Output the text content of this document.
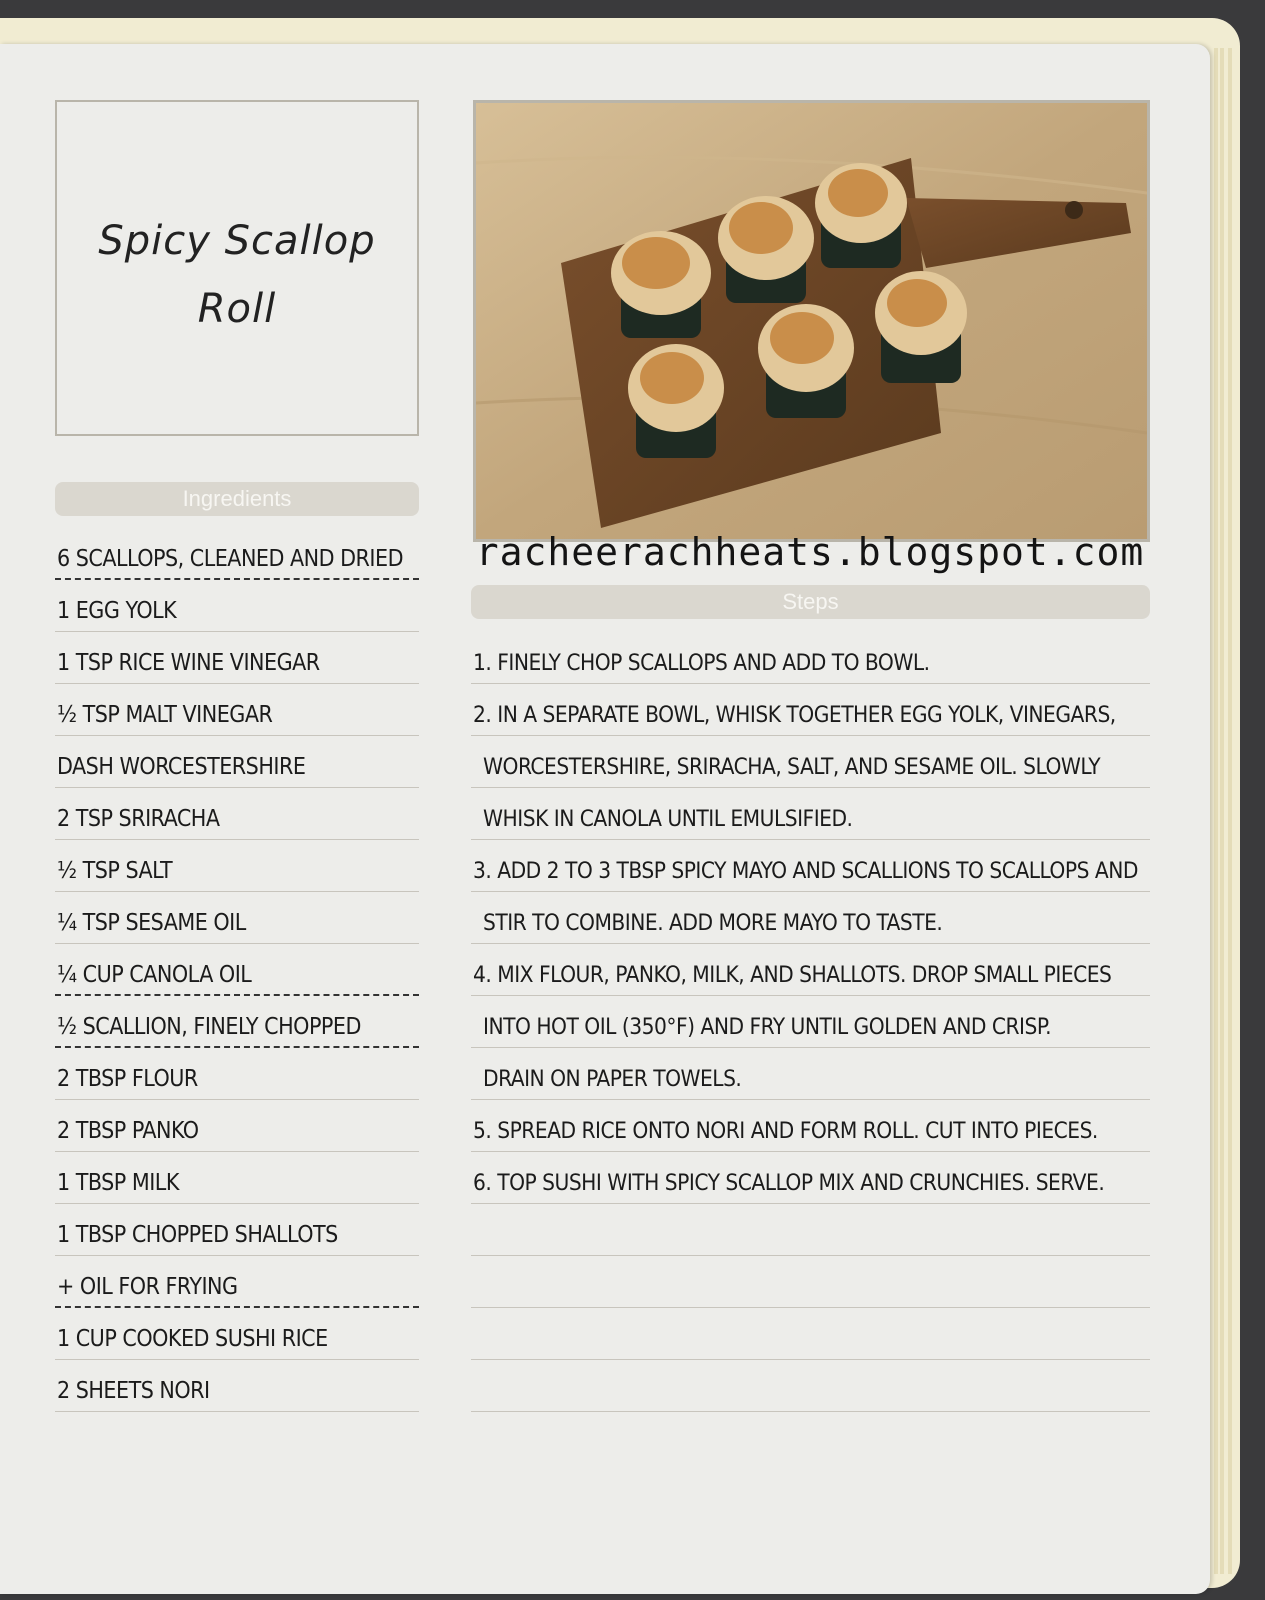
Spicy Scallop
Roll
racheerachheats.blogspot.com
Ingredients
Steps
6 SCALLOPS, CLEANED AND DRIED
1 EGG YOLK
1 TSP RICE WINE VINEGAR
½ TSP MALT VINEGAR
DASH WORCESTERSHIRE
2 TSP SRIRACHA
½ TSP SALT
¼ TSP SESAME OIL
¼ CUP CANOLA OIL
½ SCALLION, FINELY CHOPPED
2 TBSP FLOUR
2 TBSP PANKO
1 TBSP MILK
1 TBSP CHOPPED SHALLOTS
+ OIL FOR FRYING
1 CUP COOKED SUSHI RICE
2 SHEETS NORI
1. FINELY CHOP SCALLOPS AND ADD TO BOWL.
2. IN A SEPARATE BOWL, WHISK TOGETHER EGG YOLK, VINEGARS,
WORCESTERSHIRE, SRIRACHA, SALT, AND SESAME OIL. SLOWLY
WHISK IN CANOLA UNTIL EMULSIFIED.
3. ADD 2 TO 3 TBSP SPICY MAYO AND SCALLIONS TO SCALLOPS AND
STIR TO COMBINE. ADD MORE MAYO TO TASTE.
4. MIX FLOUR, PANKO, MILK, AND SHALLOTS. DROP SMALL PIECES
INTO HOT OIL (350°F) AND FRY UNTIL GOLDEN AND CRISP.
DRAIN ON PAPER TOWELS.
5. SPREAD RICE ONTO NORI AND FORM ROLL. CUT INTO PIECES.
6. TOP SUSHI WITH SPICY SCALLOP MIX AND CRUNCHIES. SERVE.
